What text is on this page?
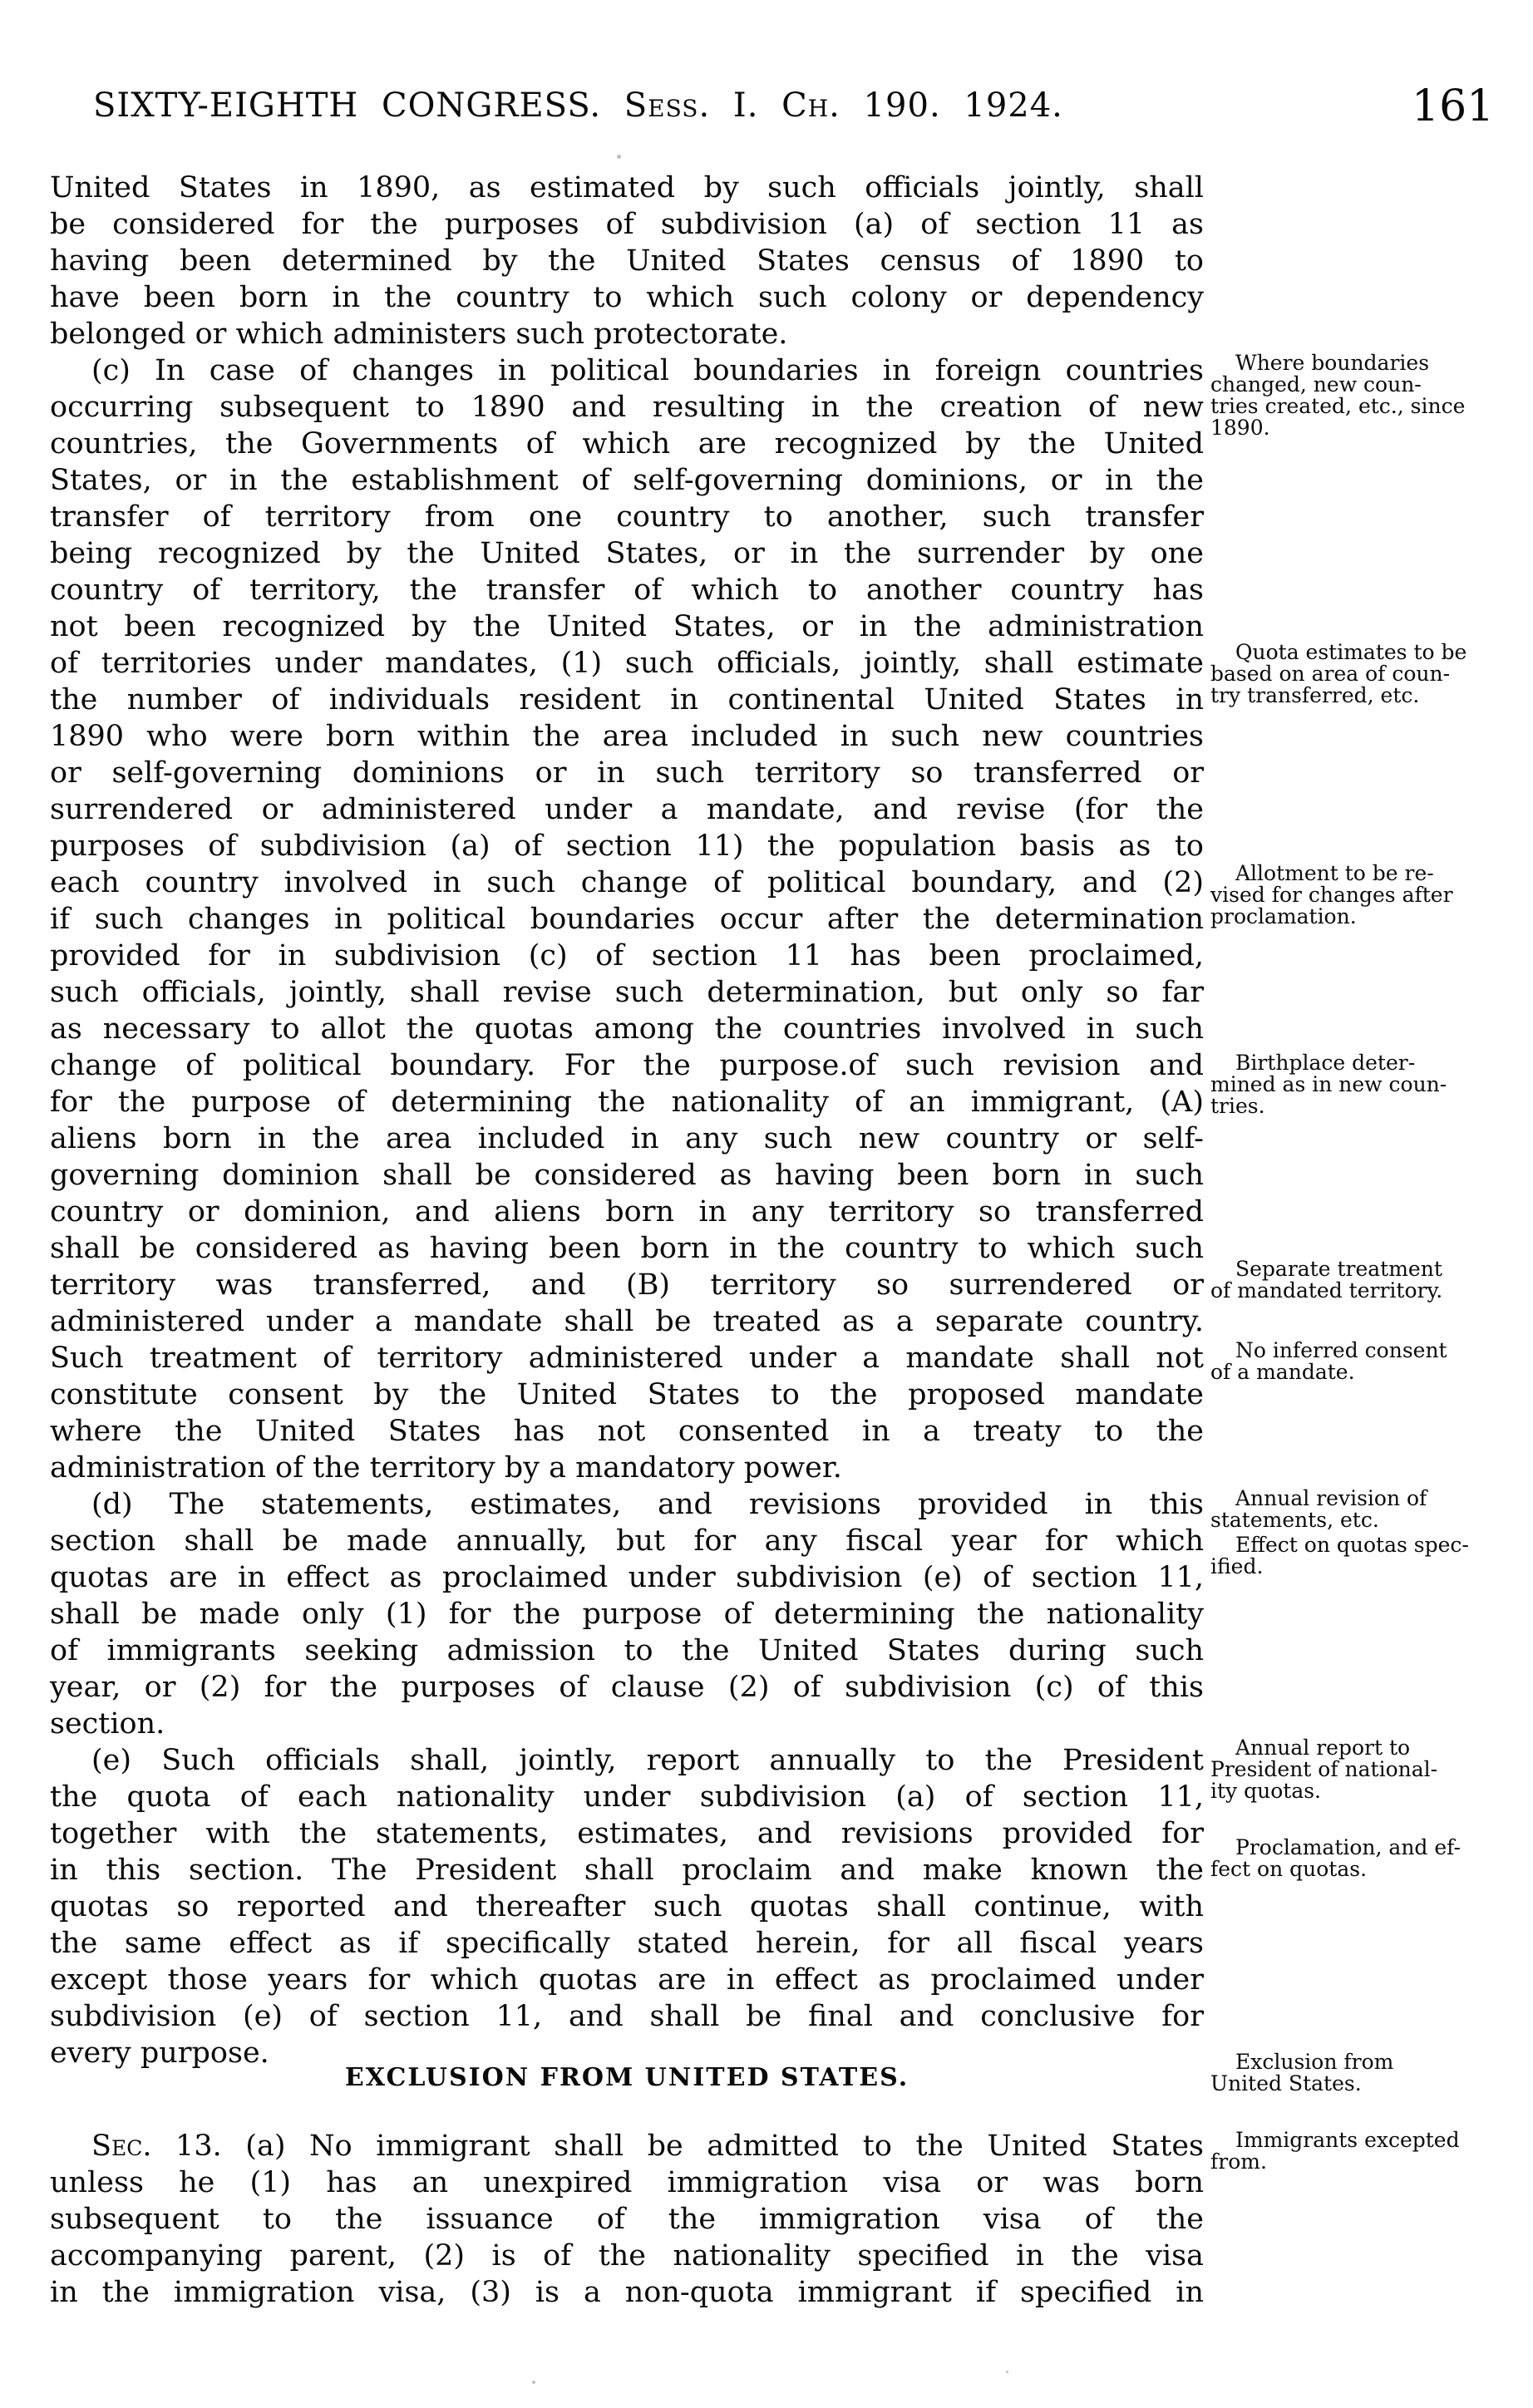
SIXTY-EIGHTH CONGRESS. Sess. I. Ch. 190. 1924.	161
United States in 1890, as estimated by such officials jointly, shall
be considered for the purposes of subdivision (a) of section 11 as
having been determined by the United States census of 1890 to
have been born in the country to which such colony or dependency
belonged or which administers such protectorate.
(c) In case of changes in political boundaries in foreign countries
occurring subsequent to 1890 and resulting in the creation of new
countries, the Governments of which are recognized by the United
States, or in the establishment of self-governing dominions, or in the
transfer of territory from one country to another, such transfer
being recognized by the United States, or in the surrender by one
country of territory, the transfer of which to another country has
not been recognized by the United States, or in the administration
of territories under mandates, (1) such officials, jointly, shall estimate
the number of individuals resident in continental United States in
1890 who were born within the area included in such new countries
or self-governing dominions or in such territory so transferred or
surrendered or administered under a mandate, and revise (for the
purposes of subdivision (a) of section 11) the population basis as to
each country involved in such change of political boundary, and (2)
if such changes in political boundaries occur after the determination
provided for in subdivision (c) of section 11 has been proclaimed,
such officials, jointly, shall revise such determination, but only so far
as necessary to allot the quotas among the countries involved in such
change of political boundary. For the purpose.of such revision and
for the purpose of determining the nationality of an immigrant, (A)
aliens born in the area included in any such new country or self-
governing dominion shall be considered as having been born in such
country or dominion, and aliens born in any territory so transferred
shall be considered as having been born in the country to which such
territory was transferred, and (B) territory so surrendered or
administered under a mandate shall be treated as a separate country.
Such treatment of territory administered under a mandate shall not
constitute consent by the United States to the proposed mandate
where the United States has not consented in a treaty to the
administration of the territory by a mandatory power.
(d) The statements, estimates, and revisions provided in this
section shall be made annually, but for any fiscal year for which
quotas are in effect as proclaimed under subdivision (e) of section 11,
shall be made only (1) for the purpose of determining the nationality
of immigrants seeking admission to the United States during such
year, or (2) for the purposes of clause (2) of subdivision (c) of this
section.
(e) Such officials shall, jointly, report annually to the President
the quota of each nationality under subdivision (a) of section 11,
together with the statements, estimates, and revisions provided for
in this section. The President shall proclaim and make known the
quotas so reported and thereafter such quotas shall continue, with
the same effect as if specifically stated herein, for all fiscal years
except those years for which quotas are in effect as proclaimed under
subdivision (e) of section 11, and shall be final and conclusive for
every purpose.
EXCLUSION FROM UNITED STATES.
Sec. 13. (a) No immigrant shall be admitted to the United States
unless he (1) has an unexpired immigration visa or was born
subsequent to the issuance of the immigration visa of the
accompanying parent, (2) is of the nationality specified in the visa
in the immigration visa, (3) is a non-quota immigrant if specified in
Where boundaries
changed, new coun-
tries created, etc., since
1890.
Quota estimates to be
based on area of coun-
try transferred, etc.
Allotment to be re-
vised for changes after
proclamation.
Birthplace deter-
mined as in new coun-
tries.
Separate treatment
of mandated territory.
No inferred consent
of a mandate.
Annual revision of
statements, etc.
Effect on quotas spec-
ified.
Annual report to
President of national-
ity quotas.
Proclamation, and ef-
fect on quotas.
Exclusion from
United States.
Immigrants excepted
from.
